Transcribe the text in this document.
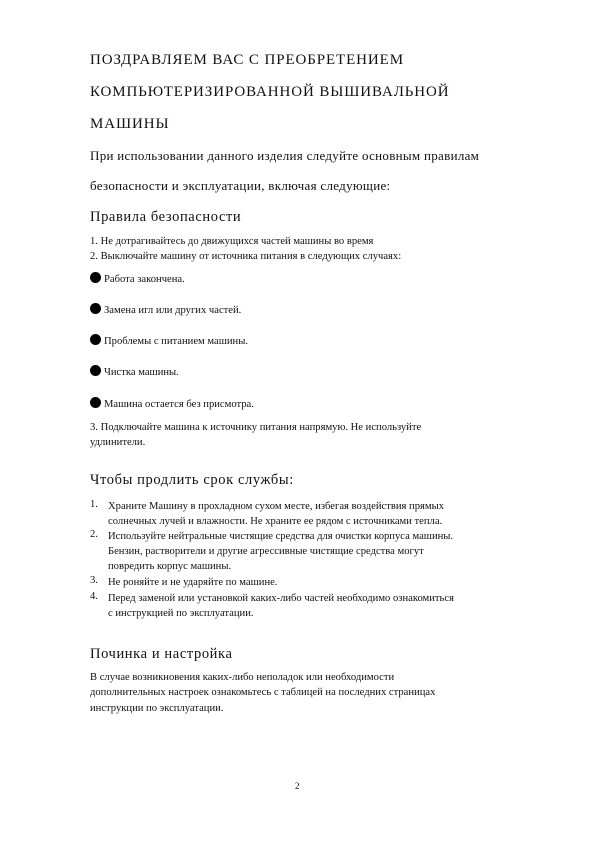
ПОЗДРАВЛЯЕМ ВАС С ПРЕОБРЕТЕНИЕМ
КОМПЬЮТЕРИЗИРОВАННОЙ ВЫШИВАЛЬНОЙ
МАШИНЫ
При использовании данного изделия следуйте основным правилам
безопасности и эксплуатации, включая следующие:
Правила безопасности
1. Не дотрагивайтесь до движущихся частей машины во время
2. Выключайте машину от источника питания в следующих случаях:
Работа закончена.
Замена игл или других частей.
Проблемы с питанием машины.
Чистка машины.
Машина остается без присмотра.
3. Подключайте машина к источнику питания напрямую. Не используйте
удлинители.
Чтобы продлить срок службы:
1. Храните Машину в прохладном сухом месте, избегая воздействия прямых
солнечных лучей и влажности. Не храните ее рядом с источниками тепла.
2. Используйте нейтральные чистящие средства для очистки корпуса машины.
Бензин, растворители и другие агрессивные чистящие средства могут
повредить корпус машины.
3. Не роняйте и не ударяйте по машине.
4. Перед заменой или установкой каких-либо частей необходимо ознакомиться
с инструкцией по эксплуатации.
Починка и настройка
В случае возникновения каких-либо неполадок или необходимости
дополнительных настроек ознакомьтесь с таблицей на последних страницах
инструкции по эксплуатации.
2
